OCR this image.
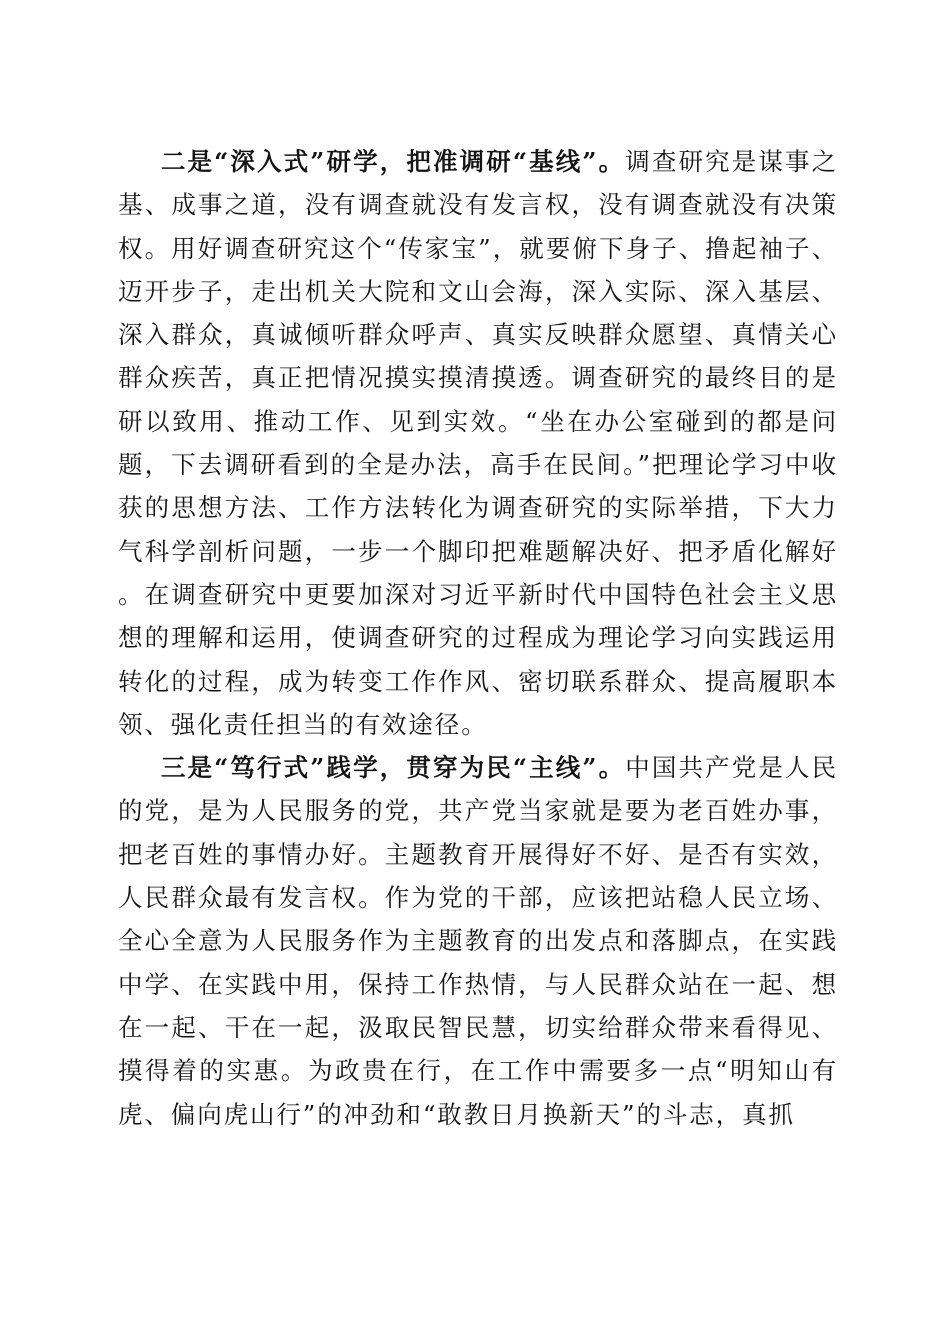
二是“深入式”研学，把准调研“基线”。调查研究是谋事之基、成事之道，没有调查就没有发言权，没有调查就没有决策权。用好调查研究这个“传家宝”，就要俯下身子、撸起袖子、迈开步子，走出机关大院和文山会海，深入实际、深入基层、深入群众，真诚倾听群众呼声、真实反映群众愿望、真情关心群众疾苦，真正把情况摸实摸清摸透。调查研究的最终目的是研以致用、推动工作、见到实效。“坐在办公室碰到的都是问题，下去调研看到的全是办法，高手在民间。”把理论学习中收获的思想方法、工作方法转化为调查研究的实际举措，下大力气科学剖析问题，一步一个脚印把难题解决好、把矛盾化解好。在调查研究中更要加深对习近平新时代中国特色社会主义思想的理解和运用，使调查研究的过程成为理论学习向实践运用转化的过程，成为转变工作作风、密切联系群众、提高履职本领、强化责任担当的有效途径。

三是“笃行式”践学，贯穿为民“主线”。中国共产党是人民的党，是为人民服务的党，共产党当家就是要为老百姓办事，把老百姓的事情办好。主题教育开展得好不好、是否有实效，人民群众最有发言权。作为党的干部，应该把站稳人民立场、全心全意为人民服务作为主题教育的出发点和落脚点，在实践中学、在实践中用，保持工作热情，与人民群众站在一起、想在一起、干在一起，汲取民智民慧，切实给群众带来看得见、摸得着的实惠。为政贵在行，在工作中需要多一点“明知山有虎、偏向虎山行”的冲劲和“敢教日月换新天”的斗志，真抓
